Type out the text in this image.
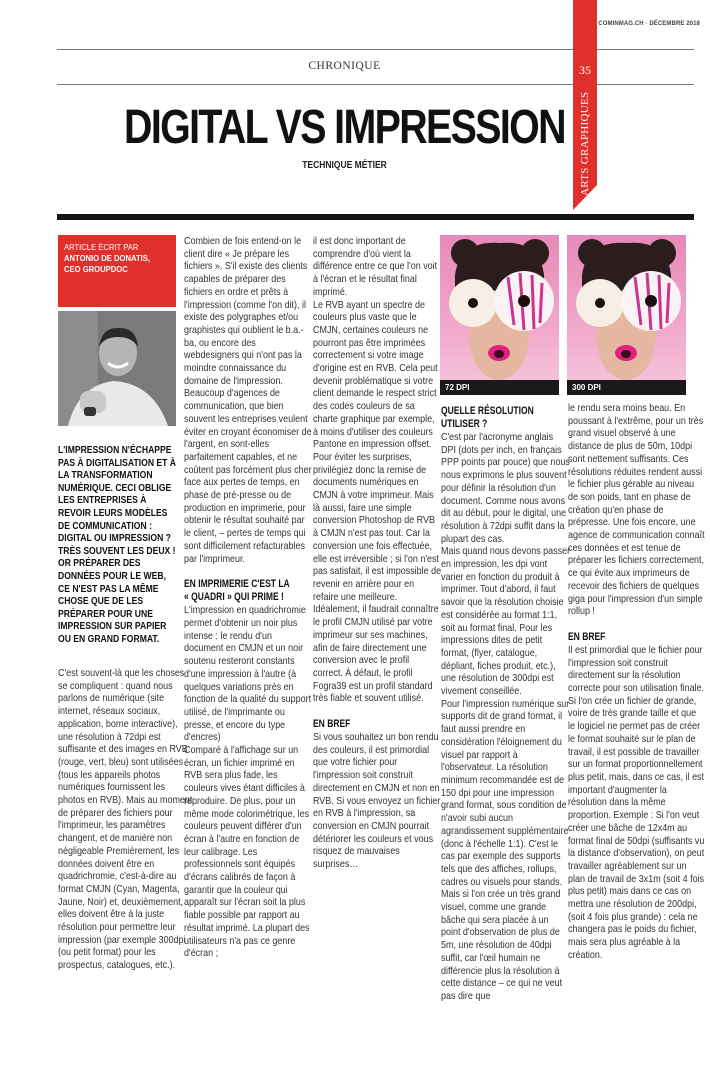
COMINMAG.CH · DÉCEMBRE 2018
CHRONIQUE	35
ARTS GRAPHIQUES
DIGITAL VS IMPRESSION
TECHNIQUE MÉTIER
ARTICLE ÉCRIT PAR
ANTONIO DE DONATIS,
CEO GROUPDOC
L'IMPRESSION N'ÉCHAPPE PAS À DIGITALISATION ET À LA TRANSFORMATION NUMÉRIQUE. CECI OBLIGE LES ENTREPRISES À REVOIR LEURS MODÈLES DE COMMUNICATION : DIGITAL OU IMPRESSION ? TRÈS SOUVENT LES DEUX ! OR PRÉPARER DES DONNÉES POUR LE WEB, CE N'EST PAS LA MÊME CHOSE QUE DE LES PRÉPARER POUR UNE IMPRESSION SUR PAPIER OU EN GRAND FORMAT.

C'est souvent-là que les choses se compliquent : quand nous parlons de numérique (site internet, réseaux sociaux, application, borne interactive), une résolution à 72dpi est suffisante et des images en RVB (rouge, vert, bleu) sont utilisées (tous les appareils photos numériques fournissent les photos en RVB). Mais au moment de préparer des fichiers pour l'imprimeur, les paramètres changent, et de manière non négligeable Premièrement, les données doivent être en quadrichromie, c'est-à-dire au format CMJN (Cyan, Magenta, Jaune, Noir) et, deuxièmement, elles doivent être à la juste résolution pour permettre leur impression (par exemple 300dpi (ou petit format) pour les prospectus, catalogues, etc.).

Combien de fois entend-on le client dire « Je prépare les fichiers ». S'il existe des clients capables de préparer des fichiers en ordre et prêts à l'impression (comme l'on dit), il existe des polygraphes et/ou graphistes qui oublient le b.a.-ba, ou encore des webdesigners qui n'ont pas la moindre connaissance du domaine de l'impression. Beaucoup d'agences de communication, que bien souvent les entreprises veulent éviter en croyant économiser de l'argent, en sont-elles parfaitement capables, et ne coûtent pas forcément plus cher face aux pertes de temps, en phase de pré-presse ou de production en imprimerie, pour obtenir le résultat souhaité par le client, – pertes de temps qui sont difficilement refacturables par l'imprimeur.

EN IMPRIMERIE C'EST LA « QUADRI » QUI PRIME !

L'impression en quadrichromie permet d'obtenir un noir plus intense : le rendu d'un document en CMJN et un noir soutenu resteront constants d'une impression à l'autre (à quelques variations près en fonction de la qualité du support utilisé, de l'imprimante ou presse, et encore du type d'encres)

Comparé à l'affichage sur un écran, un fichier imprimé en RVB sera plus fade, les couleurs vives étant difficiles à reproduire. De plus, pour un même mode colorimétrique, les couleurs peuvent différer d'un écran à l'autre en fonction de leur calibrage. Les professionnels sont équipés d'écrans calibrés de façon à garantir que la couleur qui apparaît sur l'écran soit la plus fiable possible par rapport au résultat imprimé. La plupart des utilisateurs n'a pas ce genre d'écran ;

il est donc important de comprendre d'où vient la différence entre ce que l'on voit à l'écran et le résultat final imprimé.

Le RVB ayant un spectre de couleurs plus vaste que le CMJN, certaines couleurs ne pourront pas être imprimées correctement si votre image d'origine est en RVB. Cela peut devenir problématique si votre client demande le respect strict des codes couleurs de sa charte graphique par exemple, à moins d'utiliser des couleurs Pantone en impression offset.

Pour éviter les surprises, privilégiez donc la remise de documents numériques en CMJN à votre imprimeur. Mais là aussi, faire une simple conversion Photoshop de RVB à CMJN n'est pas tout. Car la conversion une fois effectuée, elle est irréversible ; si l'on n'est pas satisfait, il est impossible de revenir en arrière pour en refaire une meilleure. Idéalement, il faudrait connaître le profil CMJN utilisé par votre imprimeur sur ses machines, afin de faire directement une conversion avec le profil correct. À défaut, le profil Fogra39 est un profil standard très fiable et souvent utilisé.

EN BREF

Si vous souhaitez un bon rendu des couleurs, il est primordial que votre fichier pour l'impression soit construit directement en CMJN et non en RVB. Si vous envoyez un fichier en RVB à l'impression, sa conversion en CMJN pourrait détériorer les couleurs et vous risquez de mauvaises surprises…

72 DPI	300 DPI
QUELLE RÉSOLUTION UTILISER ?

C'est par l'acronyme anglais DPI (dots per inch, en français PPP points par pouce) que nous nous exprimons le plus souvent pour définir la résolution d'un document. Comme nous avons dit au début, pour le digital, une résolution à 72dpi suffit dans la plupart des cas.

Mais quand nous devons passer en impression, les dpi vont varier en fonction du produit à imprimer. Tout d'abord, il faut savoir que la résolution choisie est considérée au format 1:1, soit au format final. Pour les impressions dites de petit format, (flyer, catalogue, dépliant, fiches produit, etc.), une résolution de 300dpi est vivement conseillée.

Pour l'impression numérique sur supports dit de grand format, il faut aussi prendre en considération l'éloignement du visuel par rapport à l'observateur. La résolution minimum recommandée est de 150 dpi pour une impression grand format, sous condition de n'avoir subi aucun agrandissement supplémentaire (donc à l'échelle 1:1). C'est le cas par exemple des supports tels que des affiches, rollups, cadres ou visuels pour stands.

Mais si l'on crée un très grand visuel, comme une grande bâche qui sera placée à un point d'observation de plus de 5m, une résolution de 40dpi suffit, car l'œil humain ne différencie plus la résolution à cette distance – ce qui ne veut pas dire que

le rendu sera moins beau. En poussant à l'extrême, pour un très grand visuel observé à une distance de plus de 50m, 10dpi sont nettement suffisants. Ces résolutions réduites rendent aussi le fichier plus gérable au niveau de son poids, tant en phase de création qu'en phase de prépresse. Une fois encore, une agence de communication connaît ces données et est tenue de préparer les fichiers correctement, ce qui évite aux imprimeurs de recevoir des fichiers de quelques giga pour l'impression d'un simple rollup !

EN BREF

Il est primordial que le fichier pour l'impression soit construit directement sur la résolution correcte pour son utilisation finale. Si l'on crée un fichier de grande, voire de très grande taille et que le logiciel ne permet pas de créer le format souhaité sur le plan de travail, il est possible de travailler sur un format proportionnellement plus petit, mais, dans ce cas, il est important d'augmenter la résolution dans la même proportion. Exemple : Si l'on veut créer une bâche de 12x4m au format final de 50dpi (suffisants vu la distance d'observation), on peut travailler agréablement sur un plan de travail de 3x1m (soit 4 fois plus petit) mais dans ce cas on mettra une résolution de 200dpi, (soit 4 fois plus grande) : cela ne changera pas le poids du fichier, mais sera plus agréable à la création.
